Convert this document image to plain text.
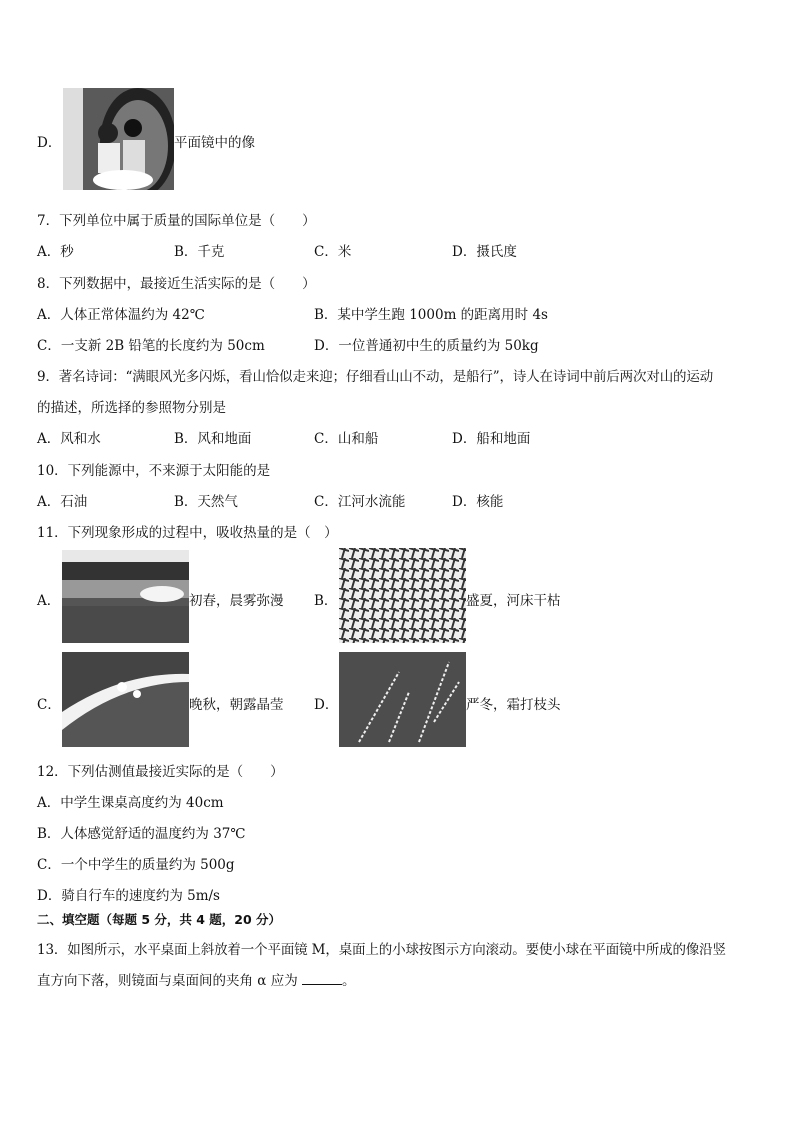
D．	平面镜中的像
7．下列单位中属于质量的国际单位是（　　）
A．秒	B．千克	C．米	D．摄氏度
8．下列数据中，最接近生活实际的是（　　）
A．人体正常体温约为 42℃	B．某中学生跑 1000m 的距离用时 4s
C．一支新 2B 铅笔的长度约为 50cm	D．一位普通初中生的质量约为 50kg
9．著名诗词：“满眼风光多闪烁，看山恰似走来迎；仔细看山山不动，是船行”，诗人在诗词中前后两次对山的运动
的描述，所选择的参照物分别是
A．风和水	B．风和地面	C．山和船	D．船和地面
10．下列能源中，不来源于太阳能的是
A．石油	B．天然气	C．江河水流能	D．核能
11．下列现象形成的过程中，吸收热量的是（　）
A．	初春，晨雾弥漫 B．	盛夏，河床干枯
C．	晚秋，朝露晶莹 D．	严冬，霜打枝头
12．下列估测值最接近实际的是（　　）
A．中学生课桌高度约为 40cm
B．人体感觉舒适的温度约为 37℃
C．一个中学生的质量约为 500g
D．骑自行车的速度约为 5m/s
二、填空题（每题 5 分，共 4 题，20 分）
13．如图所示，水平桌面上斜放着一个平面镜 M，桌面上的小球按图示方向滚动。要使小球在平面镜中所成的像沿竖
直方向下落，则镜面与桌面间的夹角 α 应为	。
